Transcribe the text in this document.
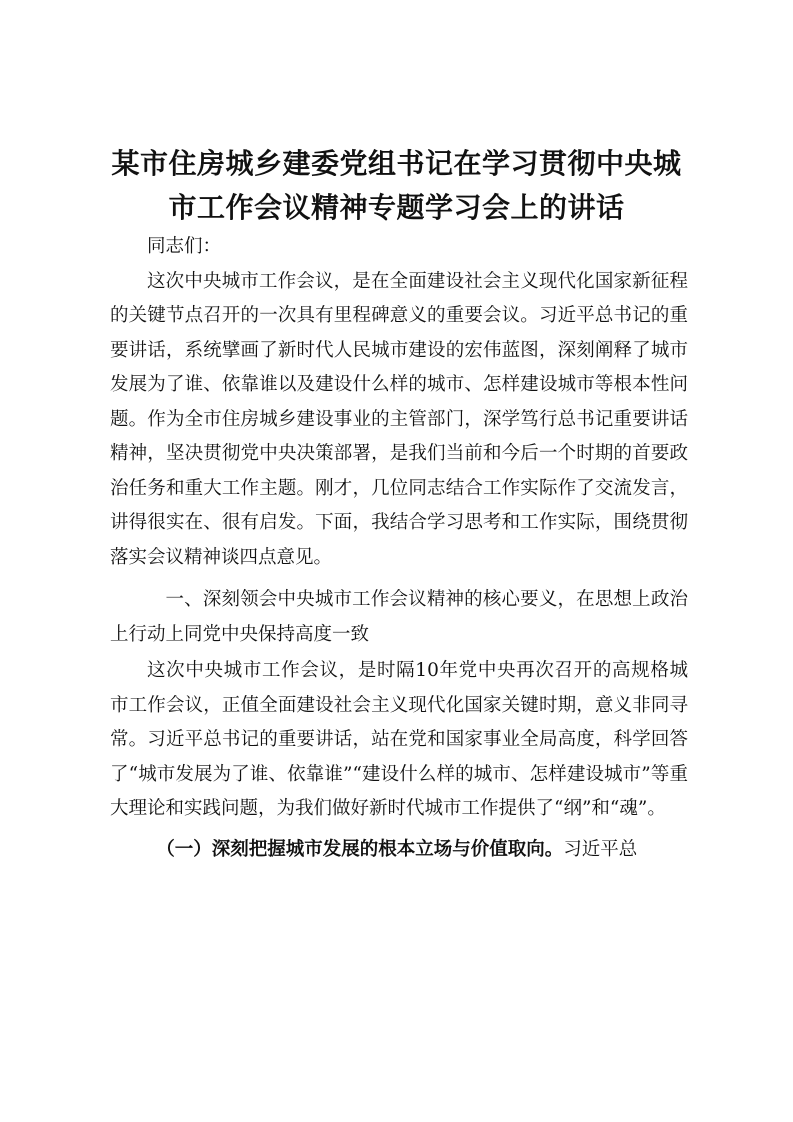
某市住房城乡建委党组书记在学习贯彻中央城市工作会议精神专题学习会上的讲话

同志们：

这次中央城市工作会议，是在全面建设社会主义现代化国家新征程的关键节点召开的一次具有里程碑意义的重要会议。习近平总书记的重要讲话，系统擘画了新时代人民城市建设的宏伟蓝图，深刻阐释了城市发展为了谁、依靠谁以及建设什么样的城市、怎样建设城市等根本性问题。作为全市住房城乡建设事业的主管部门，深学笃行总书记重要讲话精神，坚决贯彻党中央决策部署，是我们当前和今后一个时期的首要政治任务和重大工作主题。刚才，几位同志结合工作实际作了交流发言，讲得很实在、很有启发。下面，我结合学习思考和工作实际，围绕贯彻落实会议精神谈四点意见。

一、深刻领会中央城市工作会议精神的核心要义，在思想上政治上行动上同党中央保持高度一致

这次中央城市工作会议，是时隔10年党中央再次召开的高规格城市工作会议，正值全面建设社会主义现代化国家关键时期，意义非同寻常。习近平总书记的重要讲话，站在党和国家事业全局高度，科学回答了“城市发展为了谁、依靠谁”“建设什么样的城市、怎样建设城市”等重大理论和实践问题，为我们做好新时代城市工作提供了“纲”和“魂”。

（一）深刻把握城市发展的根本立场与价值取向。习近平总
